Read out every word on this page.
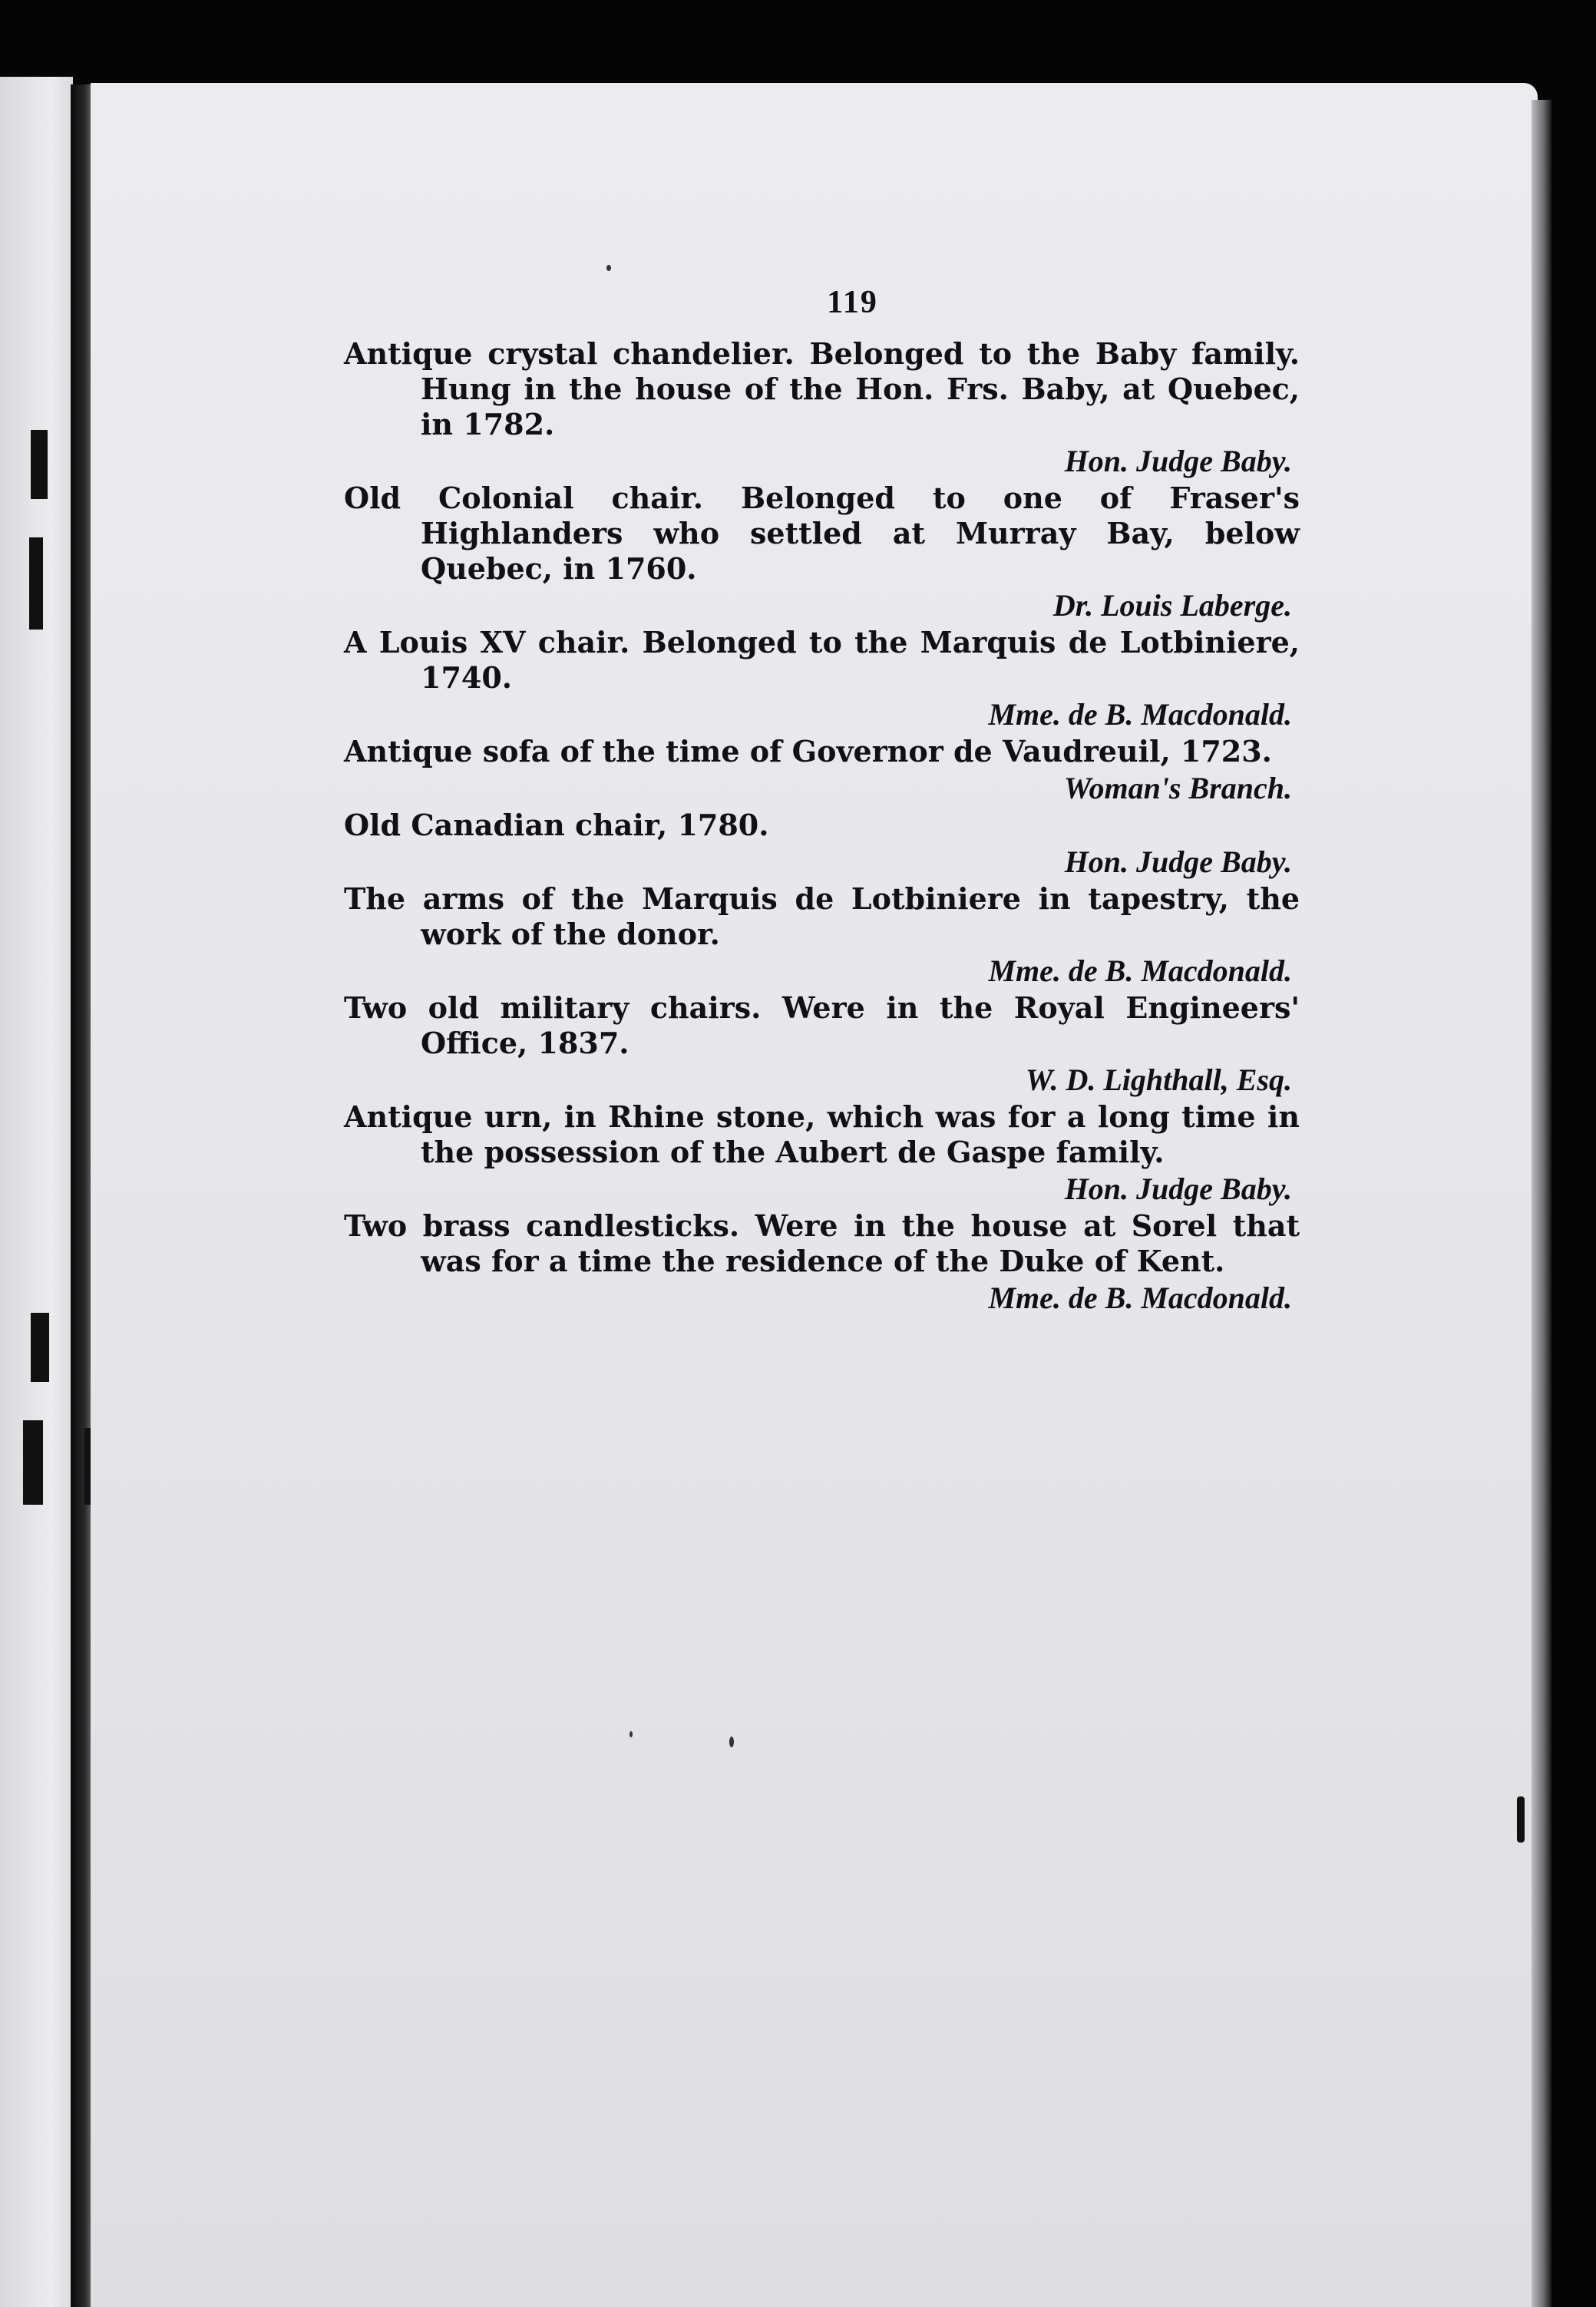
119
Antique crystal chandelier. Belonged to the Baby family. Hung in the house of the Hon. Frs. Baby, at Quebec, in 1782.
Hon. Judge Baby.
Old Colonial chair. Belonged to one of Fraser's Highlanders who settled at Murray Bay, below Quebec, in 1760.
Dr. Louis Laberge.
A Louis XV chair. Belonged to the Marquis de Lotbiniere, 1740.
Mme. de B. Macdonald.
Antique sofa of the time of Governor de Vaudreuil, 1723.
Woman's Branch.
Old Canadian chair, 1780.
Hon. Judge Baby.
The arms of the Marquis de Lotbiniere in tapestry, the work of the donor.
Mme. de B. Macdonald.
Two old military chairs. Were in the Royal Engineers' Office, 1837.
W. D. Lighthall, Esq.
Antique urn, in Rhine stone, which was for a long time in the possession of the Aubert de Gaspe family.
Hon. Judge Baby.
Two brass candlesticks. Were in the house at Sorel that was for a time the residence of the Duke of Kent.
Mme. de B. Macdonald.
